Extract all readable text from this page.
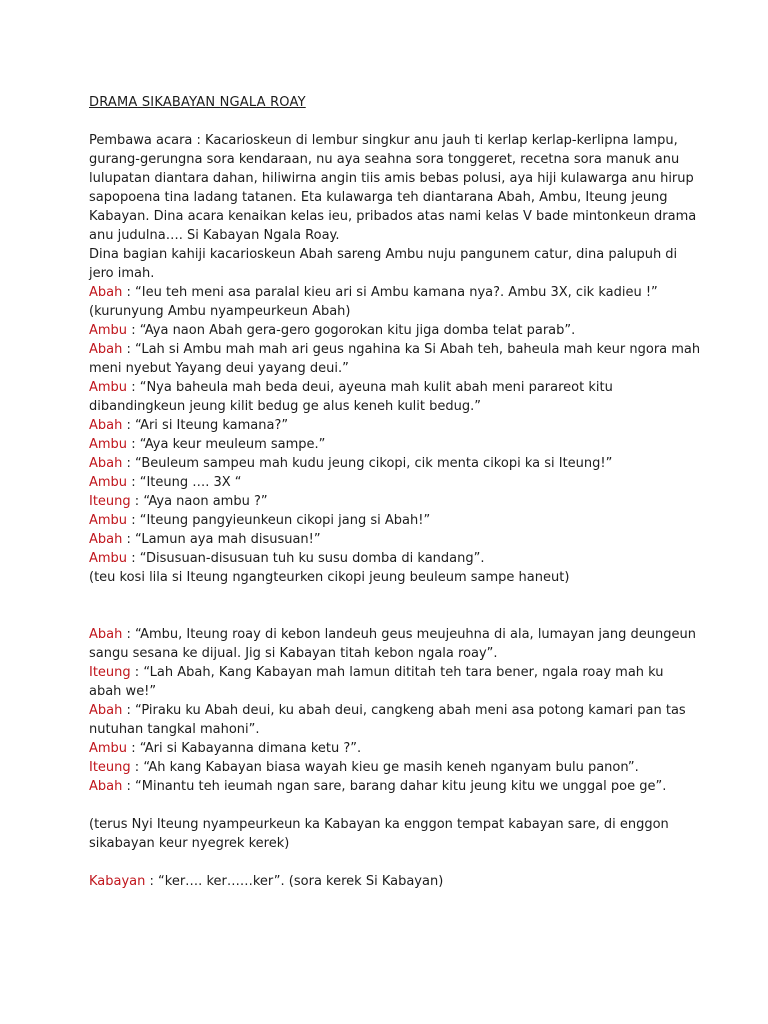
DRAMA SIKABAYAN NGALA ROAY
Pembawa acara : Kacarioskeun di lembur singkur anu jauh ti kerlap kerlap-kerlipna lampu,
gurang-gerungna sora kendaraan, nu aya seahna sora tonggeret, recetna sora manuk anu
lulupatan diantara dahan, hiliwirna angin tiis amis bebas polusi, aya hiji kulawarga anu hirup
sapopoena tina ladang tatanen. Eta kulawarga teh diantarana Abah, Ambu, Iteung jeung
Kabayan. Dina acara kenaikan kelas ieu, pribados atas nami kelas V bade mintonkeun drama
anu judulna…. Si Kabayan Ngala Roay.
Dina bagian kahiji kacarioskeun Abah sareng Ambu nuju pangunem catur, dina palupuh di
jero imah.
Abah : “Ieu teh meni asa paralal kieu ari si Ambu kamana nya?. Ambu 3X, cik kadieu !”
(kurunyung Ambu nyampeurkeun Abah)
Ambu : “Aya naon Abah gera-gero gogorokan kitu jiga domba telat parab”.
Abah : “Lah si Ambu mah mah ari geus ngahina ka Si Abah teh, baheula mah keur ngora mah
meni nyebut Yayang deui yayang deui.”
Ambu : “Nya baheula mah beda deui, ayeuna mah kulit abah meni parareot kitu
dibandingkeun jeung kilit bedug ge alus keneh kulit bedug.”
Abah : “Ari si Iteung kamana?”
Ambu : “Aya keur meuleum sampe.”
Abah : “Beuleum sampeu mah kudu jeung cikopi, cik menta cikopi ka si Iteung!”
Ambu : “Iteung …. 3X “
Iteung : “Aya naon ambu ?”
Ambu : “Iteung pangyieunkeun cikopi jang si Abah!”
Abah : “Lamun aya mah disusuan!”
Ambu : “Disusuan-disusuan tuh ku susu domba di kandang”.
(teu kosi lila si Iteung ngangteurken cikopi jeung beuleum sampe haneut)
Abah : “Ambu, Iteung roay di kebon landeuh geus meujeuhna di ala, lumayan jang deungeun
sangu sesana ke dijual. Jig si Kabayan titah kebon ngala roay”.
Iteung : “Lah Abah, Kang Kabayan mah lamun dititah teh tara bener, ngala roay mah ku
abah we!”
Abah : “Piraku ku Abah deui, ku abah deui, cangkeng abah meni asa potong kamari pan tas
nutuhan tangkal mahoni”.
Ambu : “Ari si Kabayanna dimana ketu ?”.
Iteung : “Ah kang Kabayan biasa wayah kieu ge masih keneh nganyam bulu panon”.
Abah : “Minantu teh ieumah ngan sare, barang dahar kitu jeung kitu we unggal poe ge”.
(terus Nyi Iteung nyampeurkeun ka Kabayan ka enggon tempat kabayan sare, di enggon
sikabayan keur nyegrek kerek)
Kabayan : “ker…. ker……ker”. (sora kerek Si Kabayan)
